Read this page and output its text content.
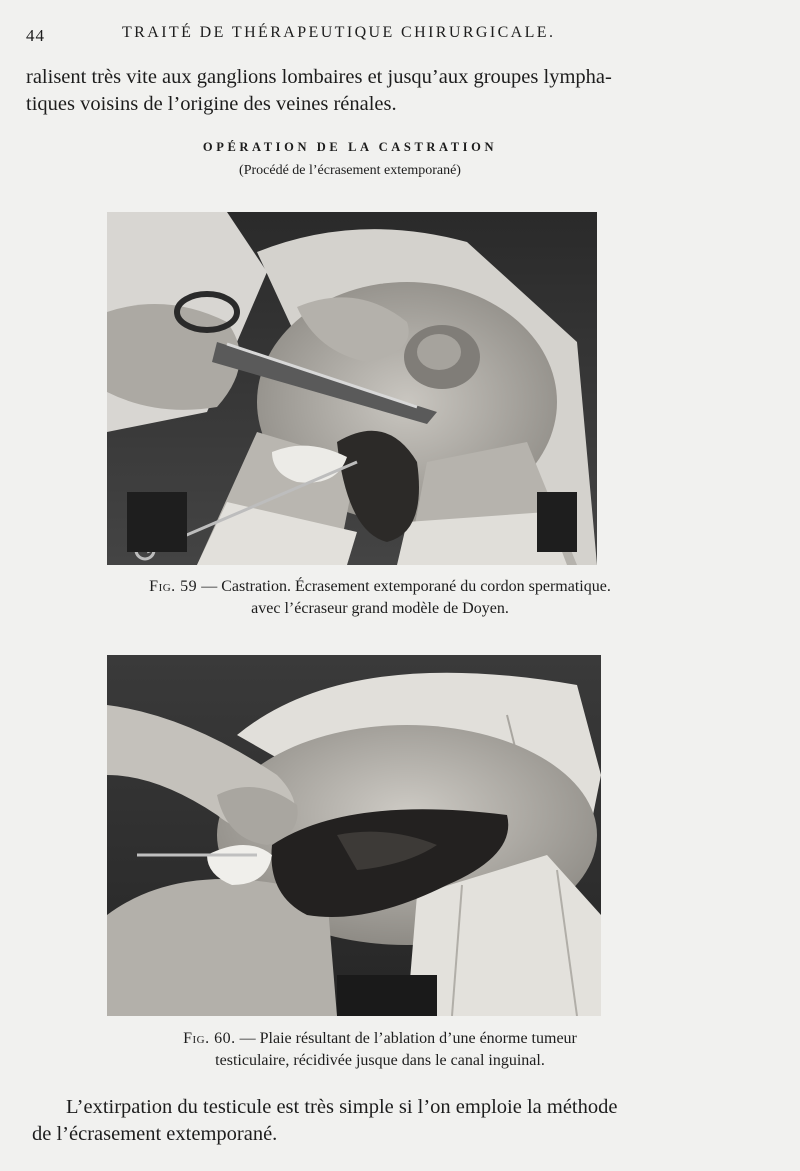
44	TRAITÉ DE THÉRAPEUTIQUE CHIRURGICALE.
ralisent très vite aux ganglions lombaires et jusqu’aux groupes lympha-
tiques voisins de l’origine des veines rénales.
OPÉRATION DE LA CASTRATION
(Procédé de l’écrasement extemporané)
Fig. 59 — Castration. Écrasement extemporané du cordon spermatique.
avec l’écraseur grand modèle de Doyen.
Fig. 60. — Plaie résultant de l’ablation d’une énorme tumeur
testiculaire, récidivée jusque dans le canal inguinal.
L’extirpation du testicule est très simple si l’on emploie la méthode
de l’écrasement extemporané.
